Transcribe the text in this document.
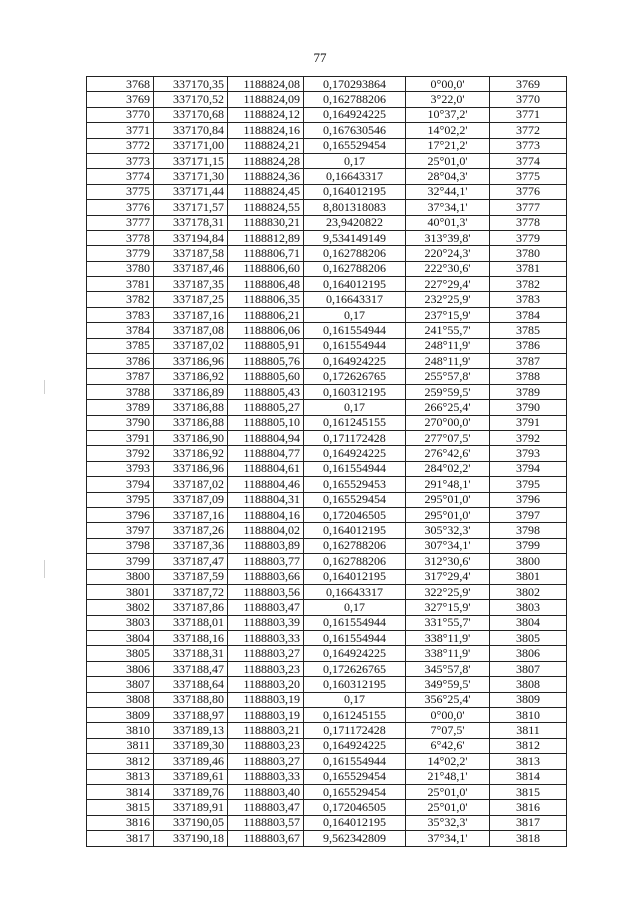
77
3768	337170,35	1188824,08	0,170293864	0°00,0'	3769
3769	337170,52	1188824,09	0,162788206	3°22,0'	3770
3770	337170,68	1188824,12	0,164924225	10°37,2'	3771
3771	337170,84	1188824,16	0,167630546	14°02,2'	3772
3772	337171,00	1188824,21	0,165529454	17°21,2'	3773
3773	337171,15	1188824,28	0,17	25°01,0'	3774
3774	337171,30	1188824,36	0,16643317	28°04,3'	3775
3775	337171,44	1188824,45	0,164012195	32°44,1'	3776
3776	337171,57	1188824,55	8,801318083	37°34,1'	3777
3777	337178,31	1188830,21	23,9420822	40°01,3'	3778
3778	337194,84	1188812,89	9,534149149	313°39,8'	3779
3779	337187,58	1188806,71	0,162788206	220°24,3'	3780
3780	337187,46	1188806,60	0,162788206	222°30,6'	3781
3781	337187,35	1188806,48	0,164012195	227°29,4'	3782
3782	337187,25	1188806,35	0,16643317	232°25,9'	3783
3783	337187,16	1188806,21	0,17	237°15,9'	3784
3784	337187,08	1188806,06	0,161554944	241°55,7'	3785
3785	337187,02	1188805,91	0,161554944	248°11,9'	3786
3786	337186,96	1188805,76	0,164924225	248°11,9'	3787
3787	337186,92	1188805,60	0,172626765	255°57,8'	3788
3788	337186,89	1188805,43	0,160312195	259°59,5'	3789
3789	337186,88	1188805,27	0,17	266°25,4'	3790
3790	337186,88	1188805,10	0,161245155	270°00,0'	3791
3791	337186,90	1188804,94	0,171172428	277°07,5'	3792
3792	337186,92	1188804,77	0,164924225	276°42,6'	3793
3793	337186,96	1188804,61	0,161554944	284°02,2'	3794
3794	337187,02	1188804,46	0,165529453	291°48,1'	3795
3795	337187,09	1188804,31	0,165529454	295°01,0'	3796
3796	337187,16	1188804,16	0,172046505	295°01,0'	3797
3797	337187,26	1188804,02	0,164012195	305°32,3'	3798
3798	337187,36	1188803,89	0,162788206	307°34,1'	3799
3799	337187,47	1188803,77	0,162788206	312°30,6'	3800
3800	337187,59	1188803,66	0,164012195	317°29,4'	3801
3801	337187,72	1188803,56	0,16643317	322°25,9'	3802
3802	337187,86	1188803,47	0,17	327°15,9'	3803
3803	337188,01	1188803,39	0,161554944	331°55,7'	3804
3804	337188,16	1188803,33	0,161554944	338°11,9'	3805
3805	337188,31	1188803,27	0,164924225	338°11,9'	3806
3806	337188,47	1188803,23	0,172626765	345°57,8'	3807
3807	337188,64	1188803,20	0,160312195	349°59,5'	3808
3808	337188,80	1188803,19	0,17	356°25,4'	3809
3809	337188,97	1188803,19	0,161245155	0°00,0'	3810
3810	337189,13	1188803,21	0,171172428	7°07,5'	3811
3811	337189,30	1188803,23	0,164924225	6°42,6'	3812
3812	337189,46	1188803,27	0,161554944	14°02,2'	3813
3813	337189,61	1188803,33	0,165529454	21°48,1'	3814
3814	337189,76	1188803,40	0,165529454	25°01,0'	3815
3815	337189,91	1188803,47	0,172046505	25°01,0'	3816
3816	337190,05	1188803,57	0,164012195	35°32,3'	3817
3817	337190,18	1188803,67	9,562342809	37°34,1'	3818
